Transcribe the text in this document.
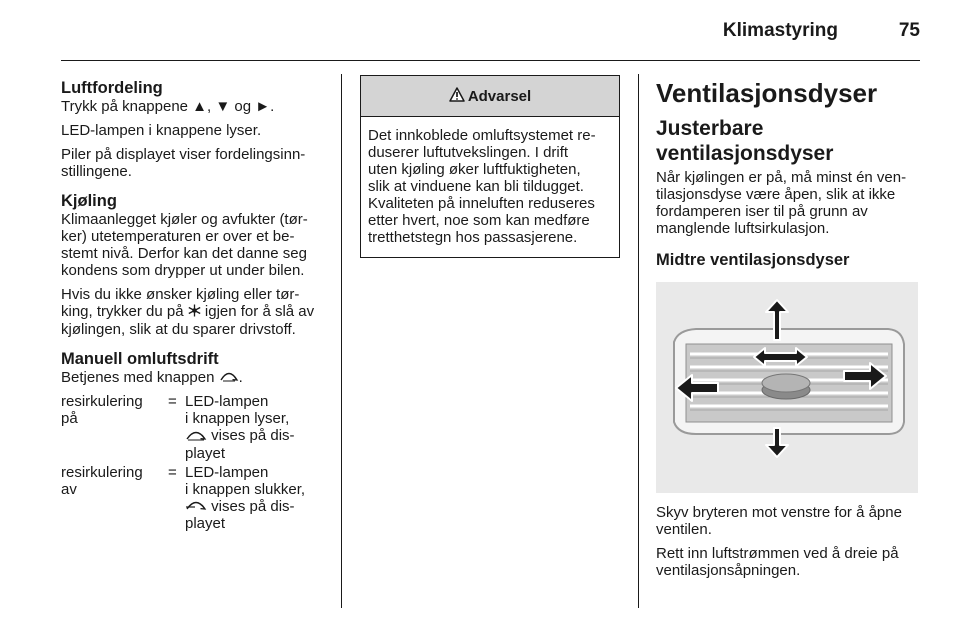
Klimastyring	75
Luftfordeling

Trykk på knappene ▲, ▼ og ►.

LED-lampen i knappene lyser.

Piler på displayet viser fordelingsinn-
stillingene.

Kjøling

Klimaanlegget kjøler og avfukter (tør-
ker) utetemperaturen er over et be-
stemt nivå. Derfor kan det danne seg
kondens som drypper ut under bilen.

Hvis du ikke ønsker kjøling eller tør-
king, trykker du på igjen for å slå av
kjølingen, slik at du sparer drivstoff.

Manuell omluftsdrift

Betjenes med knappen .

resirkulering
på
= LED-lampen
i knappen lyser,
vises på dis-
playet
resirkulering
av
= LED-lampen
i knappen slukker,
vises på dis-
playet
Advarsel
Det innkoblede omluftsystemet re-
duserer luftutvekslingen. I drift
uten kjøling øker luftfuktigheten,
slik at vinduene kan bli tildugget.
Kvaliteten på inneluften reduseres
etter hvert, noe som kan medføre
tretthetstegn hos passasjerene.
Ventilasjonsdyser
Justerbare
ventilasjonsdyser

Når kjølingen er på, må minst én ven-
tilasjonsdyse være åpen, slik at ikke
fordamperen iser til på grunn av
manglende luftsirkulasjon.

Midtre ventilasjonsdyser

Skyv bryteren mot venstre for å åpne
ventilen.

Rett inn luftstrømmen ved å dreie på
ventilasjonsåpningen.
